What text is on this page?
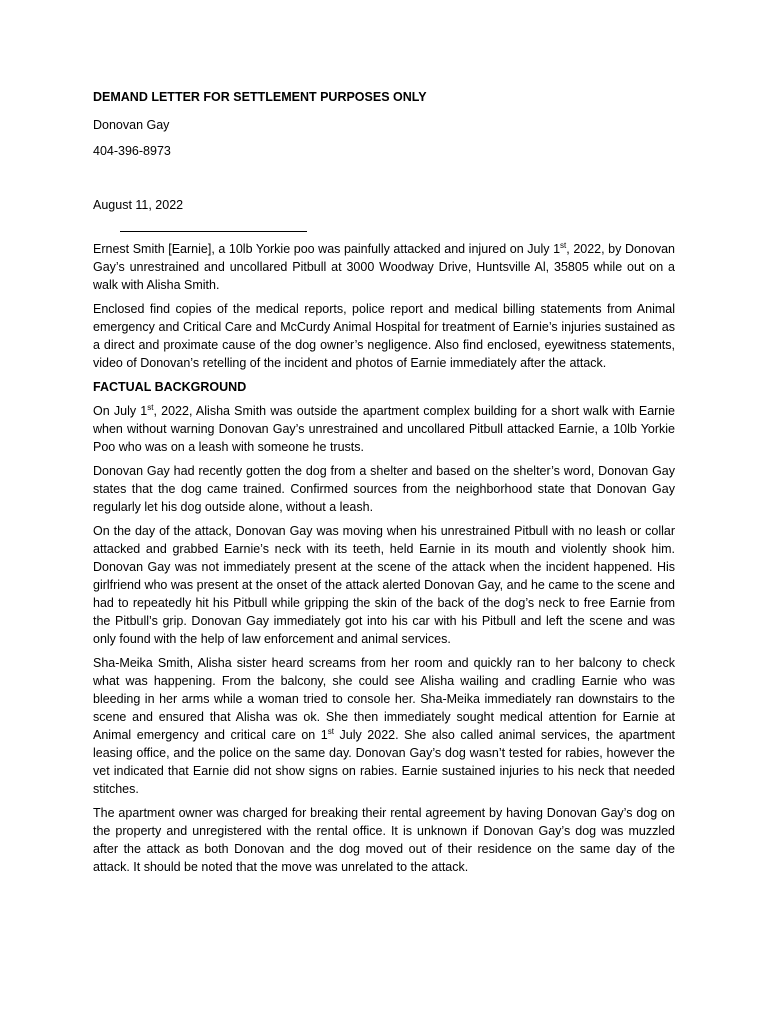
DEMAND LETTER FOR SETTLEMENT PURPOSES ONLY

Donovan Gay

404-396-8973

August 11, 2022

Ernest Smith [Earnie], a 10lb Yorkie poo was painfully attacked and injured on July 1st, 2022, by Donovan Gay’s unrestrained and uncollared Pitbull at 3000 Woodway Drive, Huntsville Al, 35805 while out on a walk with Alisha Smith.

Enclosed find copies of the medical reports, police report and medical billing statements from Animal emergency and Critical Care and McCurdy Animal Hospital for treatment of Earnie’s injuries sustained as a direct and proximate cause of the dog owner’s negligence. Also find enclosed, eyewitness statements, video of Donovan’s retelling of the incident and photos of Earnie immediately after the attack.

FACTUAL BACKGROUND

On July 1st, 2022, Alisha Smith was outside the apartment complex building for a short walk with Earnie when without warning Donovan Gay’s unrestrained and uncollared Pitbull attacked Earnie, a 10lb Yorkie Poo who was on a leash with someone he trusts.

Donovan Gay had recently gotten the dog from a shelter and based on the shelter’s word, Donovan Gay states that the dog came trained. Confirmed sources from the neighborhood state that Donovan Gay regularly let his dog outside alone, without a leash.

On the day of the attack, Donovan Gay was moving when his unrestrained Pitbull with no leash or collar attacked and grabbed Earnie’s neck with its teeth, held Earnie in its mouth and violently shook him. Donovan Gay was not immediately present at the scene of the attack when the incident happened. His girlfriend who was present at the onset of the attack alerted Donovan Gay, and he came to the scene and had to repeatedly hit his Pitbull while gripping the skin of the back of the dog’s neck to free Earnie from the Pitbull’s grip. Donovan Gay immediately got into his car with his Pitbull and left the scene and was only found with the help of law enforcement and animal services.

Sha-Meika Smith, Alisha sister heard screams from her room and quickly ran to her balcony to check what was happening. From the balcony, she could see Alisha wailing and cradling Earnie who was bleeding in her arms while a woman tried to console her. Sha-Meika immediately ran downstairs to the scene and ensured that Alisha was ok. She then immediately sought medical attention for Earnie at Animal emergency and critical care on 1st July 2022. She also called animal services, the apartment leasing office, and the police on the same day. Donovan Gay’s dog wasn’t tested for rabies, however the vet indicated that Earnie did not show signs on rabies. Earnie sustained injuries to his neck that needed stitches.

The apartment owner was charged for breaking their rental agreement by having Donovan Gay’s dog on the property and unregistered with the rental office. It is unknown if Donovan Gay’s dog was muzzled after the attack as both Donovan and the dog moved out of their residence on the same day of the attack. It should be noted that the move was unrelated to the attack.
